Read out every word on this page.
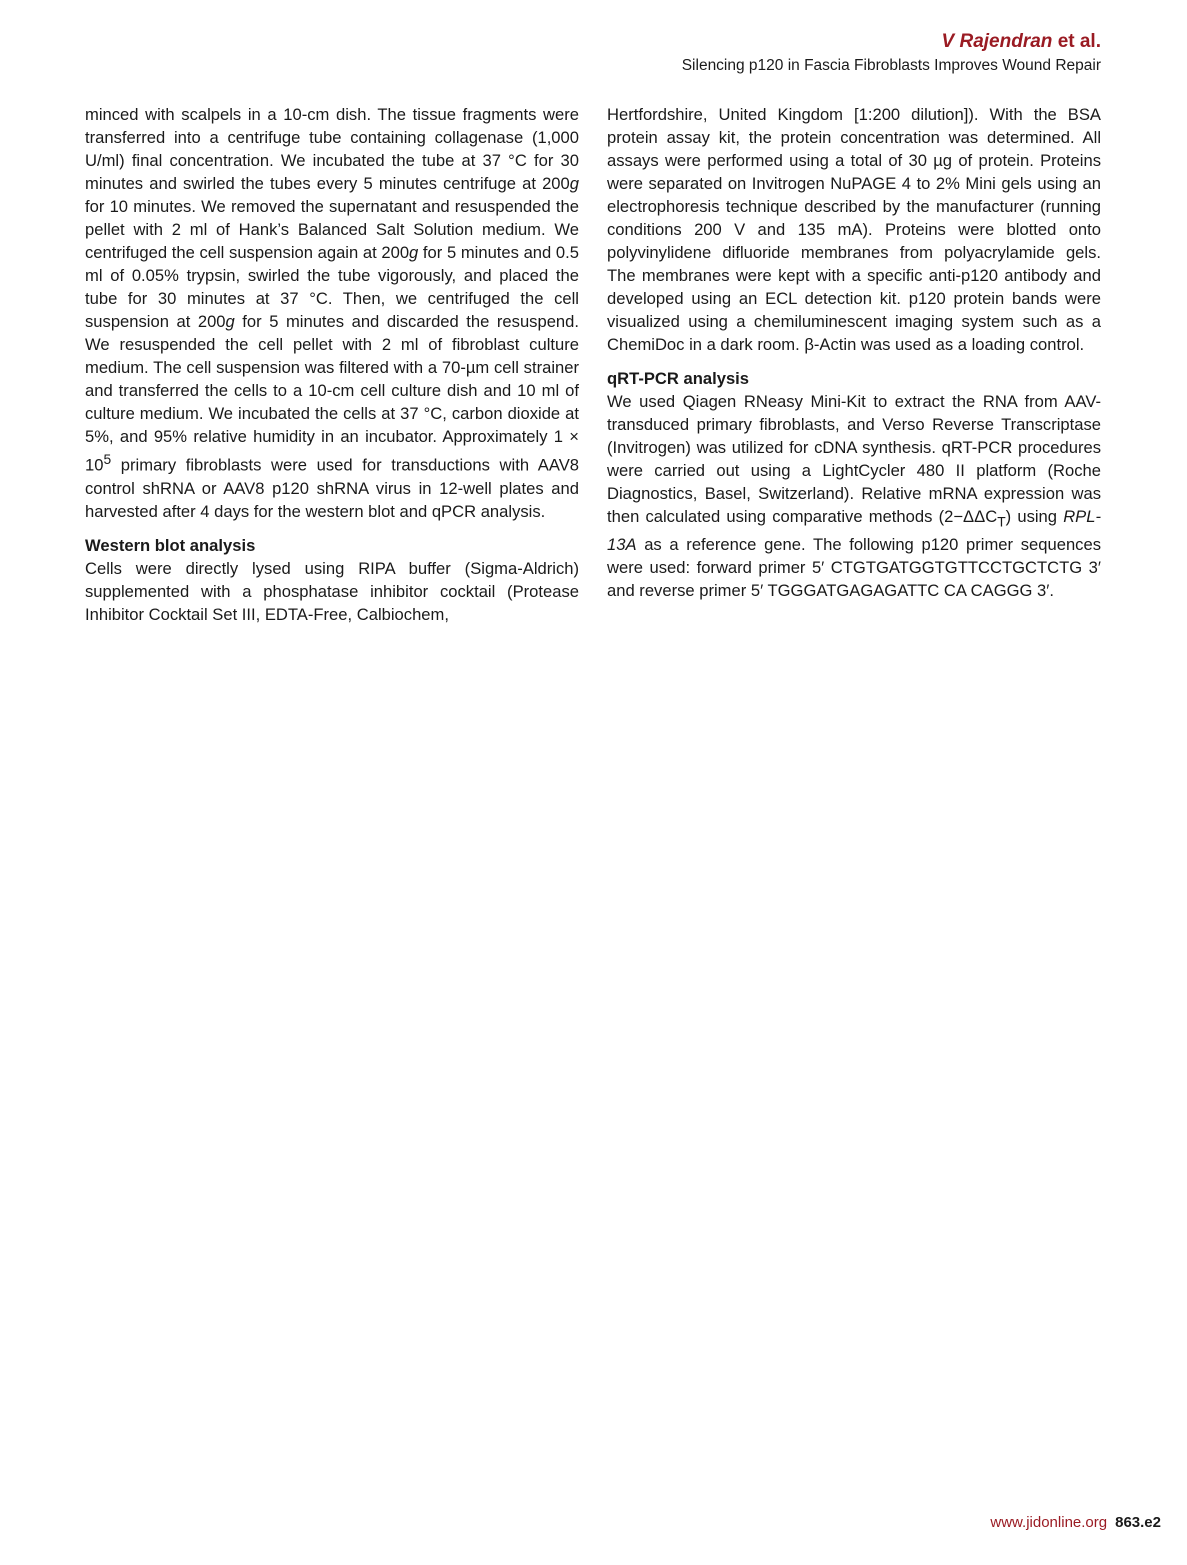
V Rajendran et al.
Silencing p120 in Fascia Fibroblasts Improves Wound Repair

minced with scalpels in a 10-cm dish. The tissue fragments were transferred into a centrifuge tube containing collagenase (1,000 U/ml) final concentration. We incubated the tube at 37 °C for 30 minutes and swirled the tubes every 5 minutes centrifuge at 200g for 10 minutes. We removed the supernatant and resuspended the pellet with 2 ml of Hank’s Balanced Salt Solution medium. We centrifuged the cell suspension again at 200g for 5 minutes and 0.5 ml of 0.05% trypsin, swirled the tube vigorously, and placed the tube for 30 minutes at 37 °C. Then, we centrifuged the cell suspension at 200g for 5 minutes and discarded the resuspend. We resuspended the cell pellet with 2 ml of fibroblast culture medium. The cell suspension was filtered with a 70-µm cell strainer and transferred the cells to a 10-cm cell culture dish and 10 ml of culture medium. We incubated the cells at 37 °C, carbon dioxide at 5%, and 95% relative humidity in an incubator. Approximately $1 \times 10^5$ primary fibroblasts were used for transductions with AAV8 control shRNA or AAV8 p120 shRNA virus in 12-well plates and harvested after 4 days for the western blot and qPCR analysis.

Western blot analysis

Cells were directly lysed using RIPA buffer (Sigma-Aldrich) supplemented with a phosphatase inhibitor cocktail (Protease Inhibitor Cocktail Set III, EDTA-Free, Calbiochem,

Hertfordshire, United Kingdom [1:200 dilution]). With the BSA protein assay kit, the protein concentration was determined. All assays were performed using a total of 30 µg of protein. Proteins were separated on Invitrogen NuPAGE 4 to 2% Mini gels using an electrophoresis technique described by the manufacturer (running conditions 200 V and 135 mA). Proteins were blotted onto polyvinylidene difluoride membranes from polyacrylamide gels. The membranes were kept with a specific anti-p120 antibody and developed using an ECL detection kit. p120 protein bands were visualized using a chemiluminescent imaging system such as a ChemiDoc in a dark room. β-Actin was used as a loading control.

qRT-PCR analysis

We used Qiagen RNeasy Mini-Kit to extract the RNA from AAV-transduced primary fibroblasts, and Verso Reverse Transcriptase (Invitrogen) was utilized for cDNA synthesis. qRT-PCR procedures were carried out using a LightCycler 480 II platform (Roche Diagnostics, Basel, Switzerland). Relative mRNA expression was then calculated using comparative methods $(2-\Delta\Delta C_T)$ using RPL-13A as a reference gene. The following p120 primer sequences were used: forward primer 5′ CTGTGATGGTGTTCCTGCTCTG 3′ and reverse primer 5′ TGGGATGAGAGATTC CA CAGGG 3′.

www.jidonline.org 863.e2
